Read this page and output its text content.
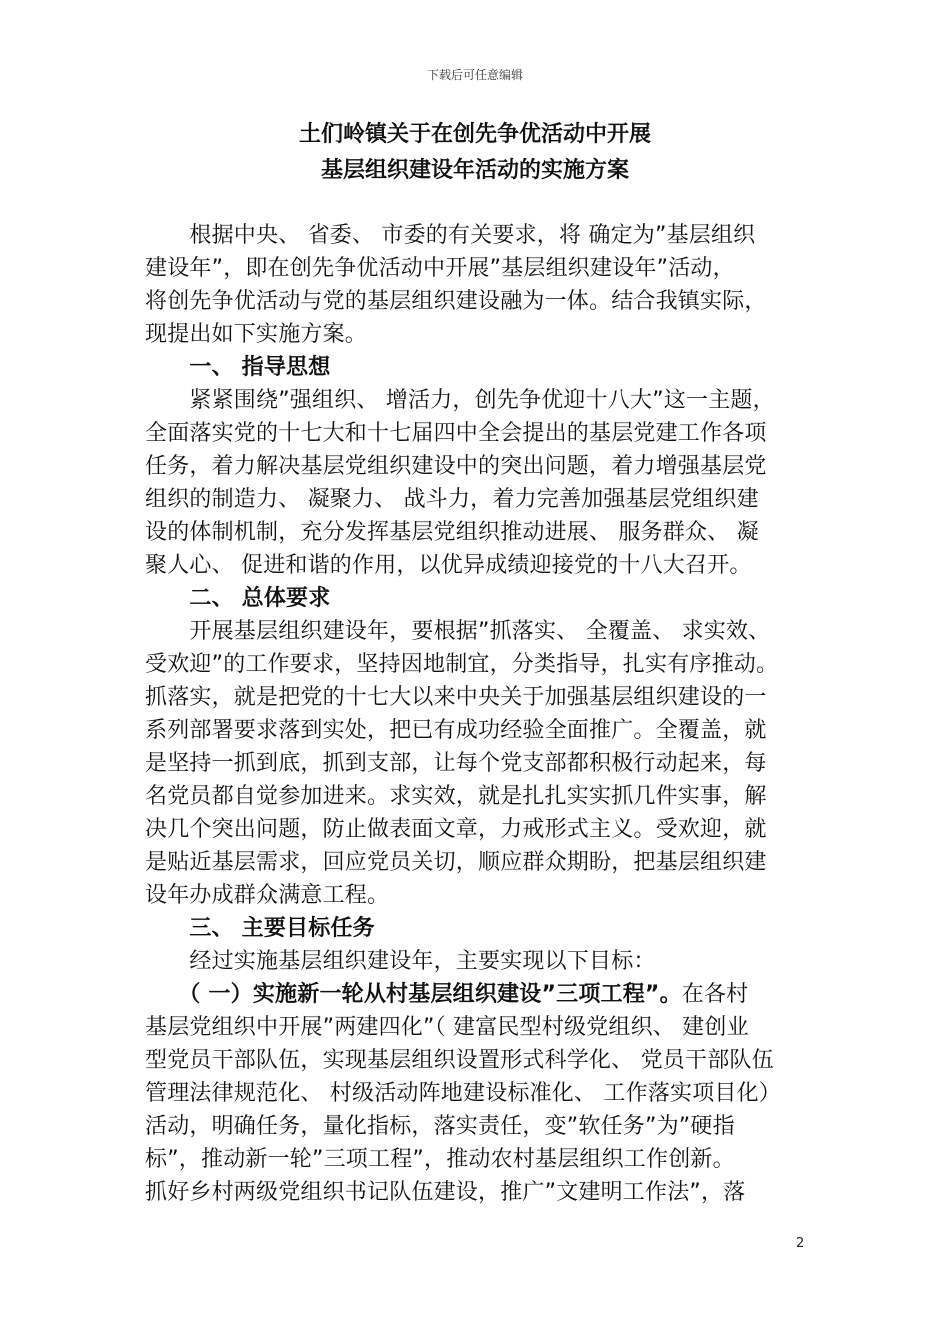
下载后可任意编辑
土们岭镇关于在创先争优活动中开展
基层组织建设年活动的实施方案
　　根据中央、 省委、 市委的有关要求，将 确定为”基层组织
建设年”，即在创先争优活动中开展”基层组织建设年”活动，
将创先争优活动与党的基层组织建设融为一体。结合我镇实际，
现提出如下实施方案。
　　一、 指导思想
　　紧紧围绕”强组织、 增活力，创先争优迎十八大”这一主题，
全面落实党的十七大和十七届四中全会提出的基层党建工作各项
任务，着力解决基层党组织建设中的突出问题，着力增强基层党
组织的制造力、 凝聚力、 战斗力，着力完善加强基层党组织建
设的体制机制，充分发挥基层党组织推动进展、 服务群众、 凝
聚人心、 促进和谐的作用，以优异成绩迎接党的十八大召开。
　　二、 总体要求
　　开展基层组织建设年，要根据”抓落实、 全覆盖、 求实效、
受欢迎”的工作要求，坚持因地制宜，分类指导，扎实有序推动。
抓落实，就是把党的十七大以来中央关于加强基层组织建设的一
系列部署要求落到实处，把已有成功经验全面推广。全覆盖，就
是坚持一抓到底，抓到支部，让每个党支部都积极行动起来，每
名党员都自觉参加进来。求实效，就是扎扎实实抓几件实事，解
决几个突出问题，防止做表面文章，力戒形式主义。受欢迎，就
是贴近基层需求，回应党员关切，顺应群众期盼，把基层组织建
设年办成群众满意工程。
　　三、 主要目标任务
　　经过实施基层组织建设年，主要实现以下目标：
　　（ 一）实施新一轮从村基层组织建设”三项工程”。在各村
基层党组织中开展”两建四化”（ 建富民型村级党组织、 建创业
型党员干部队伍，实现基层组织设置形式科学化、 党员干部队伍
管理法律规范化、 村级活动阵地建设标准化、 工作落实项目化）
活动，明确任务，量化指标，落实责任，变”软任务”为”硬指
标”，推动新一轮”三项工程”，推动农村基层组织工作创新。
抓好乡村两级党组织书记队伍建设，推广”文建明工作法”，落
2
